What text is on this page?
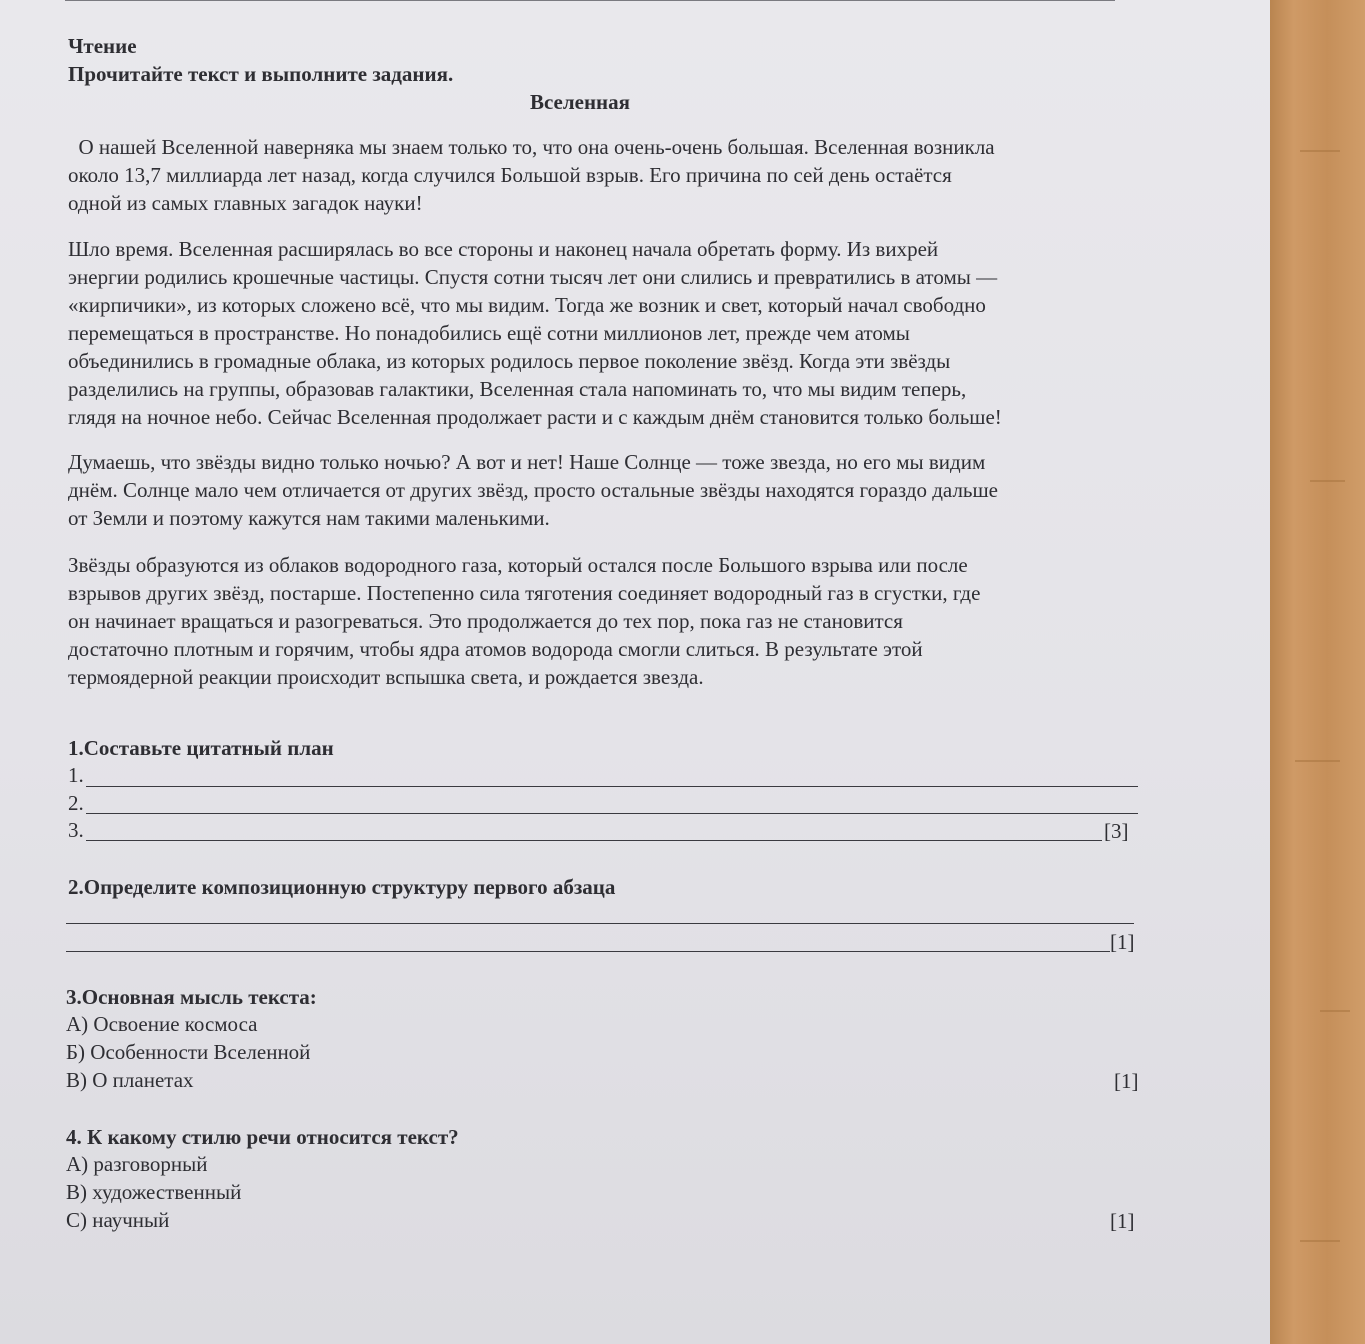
Чтение
Прочитайте текст и выполните задания.
Вселенная
О нашей Вселенной наверняка мы знаем только то, что она очень-очень большая. Вселенная возникла
около 13,7 миллиарда лет назад, когда случился Большой взрыв. Его причина по сей день остаётся
одной из самых главных загадок науки!
Шло время. Вселенная расширялась во все стороны и наконец начала обретать форму. Из вихрей
энергии родились крошечные частицы. Спустя сотни тысяч лет они слились и превратились в атомы —
«кирпичики», из которых сложено всё, что мы видим. Тогда же возник и свет, который начал свободно
перемещаться в пространстве. Но понадобились ещё сотни миллионов лет, прежде чем атомы
объединились в громадные облака, из которых родилось первое поколение звёзд. Когда эти звёзды
разделились на группы, образовав галактики, Вселенная стала напоминать то, что мы видим теперь,
глядя на ночное небо. Сейчас Вселенная продолжает расти и с каждым днём становится только больше!
Думаешь, что звёзды видно только ночью? А вот и нет! Наше Солнце — тоже звезда, но его мы видим
днём. Солнце мало чем отличается от других звёзд, просто остальные звёзды находятся гораздо дальше
от Земли и поэтому кажутся нам такими маленькими.
Звёзды образуются из облаков водородного газа, который остался после Большого взрыва или после
взрывов других звёзд, постарше. Постепенно сила тяготения соединяет водородный газ в сгустки, где
он начинает вращаться и разогреваться. Это продолжается до тех пор, пока газ не становится
достаточно плотным и горячим, чтобы ядра атомов водорода смогли слиться. В результате этой
термоядерной реакции происходит вспышка света, и рождается звезда.
1.Составьте цитатный план
1.
2.
3.	[3]
2.Определите композиционную структуру первого абзаца
[1]
3.Основная мысль текста:
А) Освоение космоса
Б) Особенности Вселенной
В) О планетах	[1]
4. К какому стилю речи относится текст?
А) разговорный
В) художественный
С) научный	[1]
